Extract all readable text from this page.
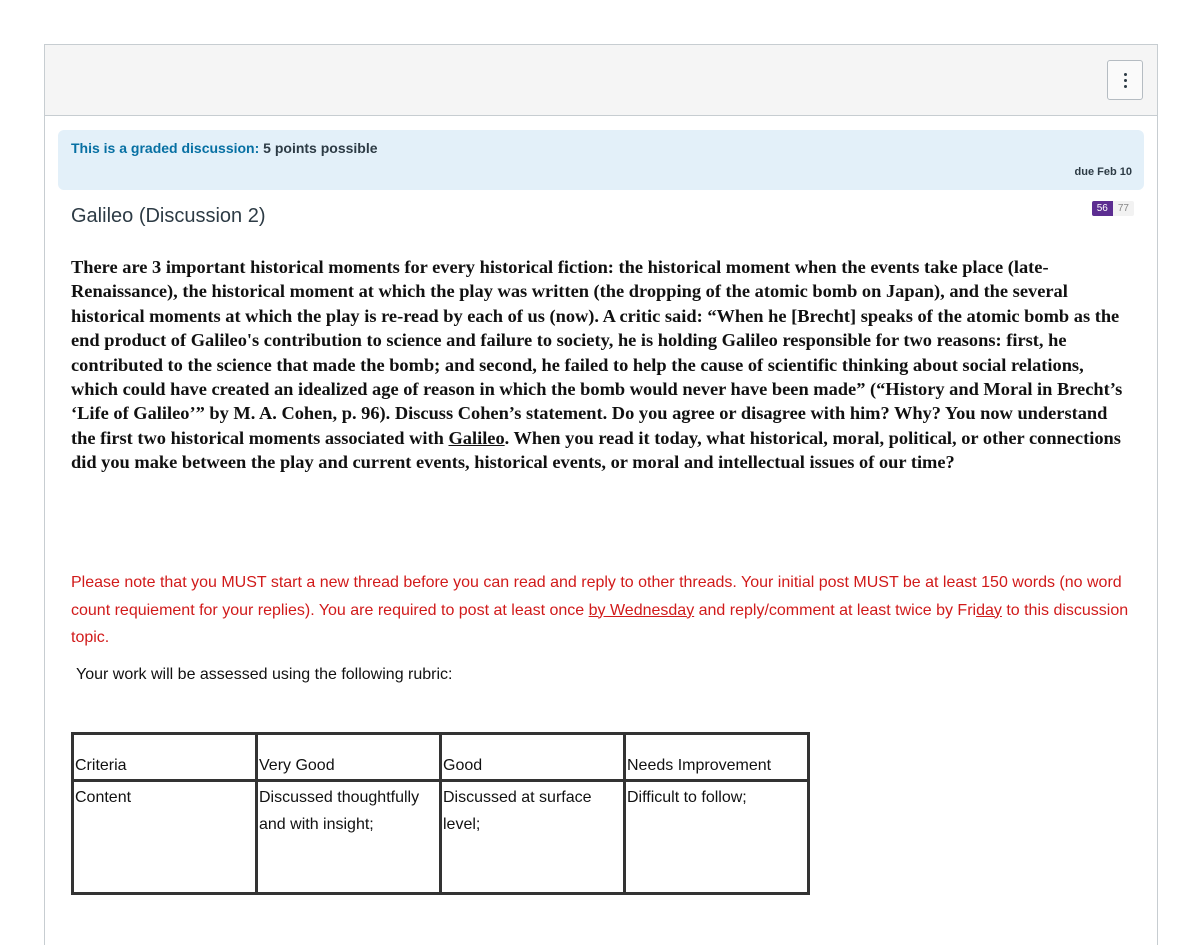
This is a graded discussion: 5 points possible
due Feb 10
Galileo (Discussion 2)	56	77

There are 3 important historical moments for every historical fiction: the historical moment when the events take place (late-Renaissance), the historical moment at which the play was written (the dropping of the atomic bomb on Japan), and the several historical moments at which the play is re-read by each of us (now). A critic said: “When he [Brecht] speaks of the atomic bomb as the end product of Galileo's contribution to science and failure to society, he is holding Galileo responsible for two reasons: first, he contributed to the science that made the bomb; and second, he failed to help the cause of scientific thinking about social relations, which could have created an idealized age of reason in which the bomb would never have been made” (“History and Moral in Brecht’s ‘Life of Galileo’” by M. A. Cohen, p. 96). Discuss Cohen’s statement. Do you agree or disagree with him? Why? You now understand the first two historical moments associated with Galileo. When you read it today, what historical, moral, political, or other connections did you make between the play and current events, historical events, or moral and intellectual issues of our time?

Please note that you MUST start a new thread before you can read and reply to other threads. Your initial post MUST be at least 150 words (no word count requiement for your replies). You are required to post at least once by Wednesday and reply/comment at least twice by Friday to this discussion topic.

Your work will be assessed using the following rubric:
Criteria	Very Good	Good	Needs Improvement
Content	Discussed thoughtfully and with insight;	Discussed at surface level;	Difficult to follow;
